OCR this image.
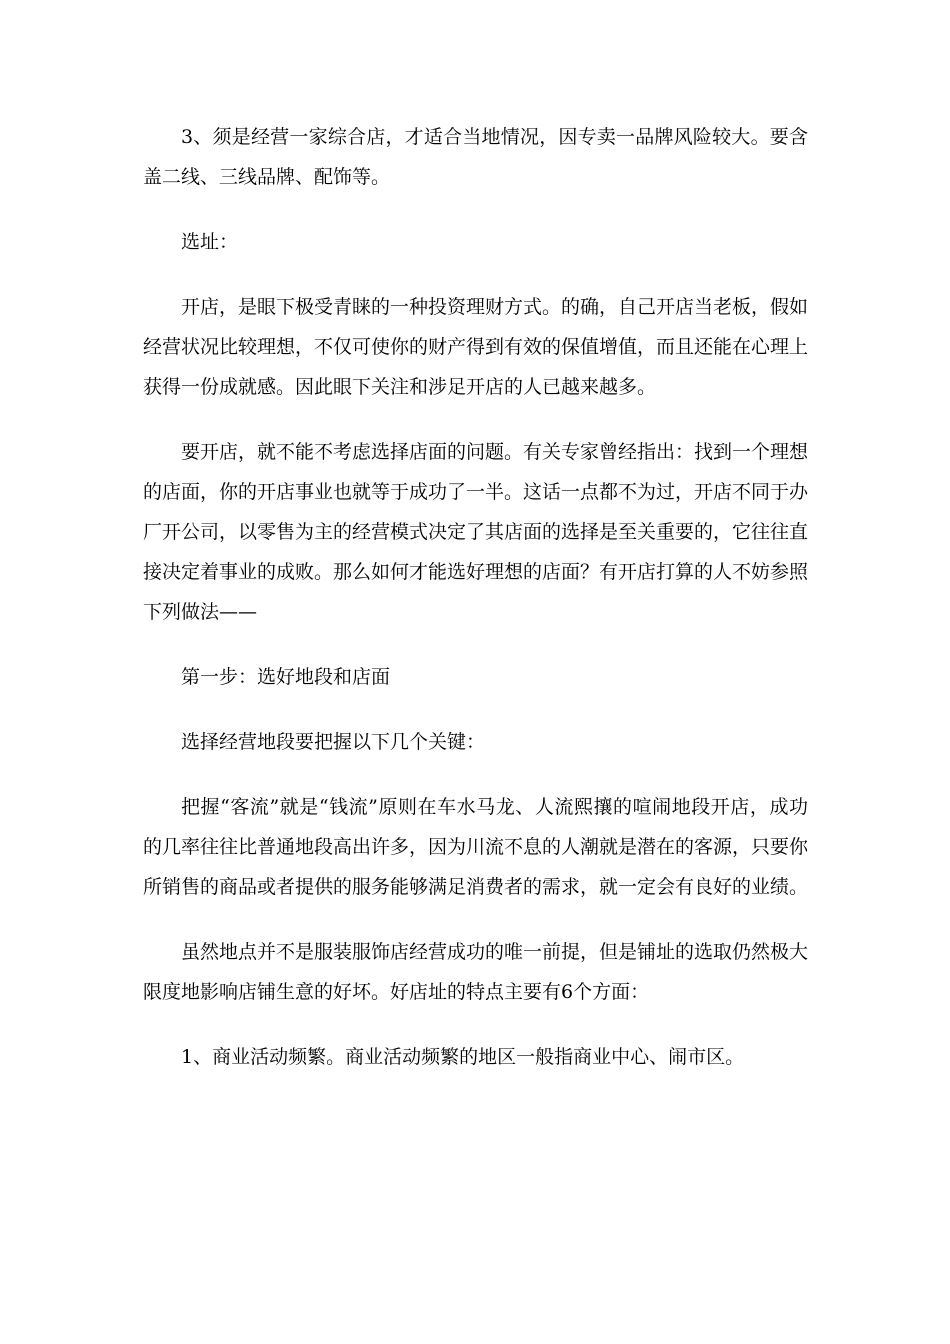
3、须是经营一家综合店，才适合当地情况，因专卖一品牌风险较大。要含盖二线、三线品牌、配饰等。

选址：

开店，是眼下极受青睐的一种投资理财方式。的确，自己开店当老板，假如经营状况比较理想，不仅可使你的财产得到有效的保值增值，而且还能在心理上获得一份成就感。因此眼下关注和涉足开店的人已越来越多。

要开店，就不能不考虑选择店面的问题。有关专家曾经指出：找到一个理想的店面，你的开店事业也就等于成功了一半。这话一点都不为过，开店不同于办厂开公司，以零售为主的经营模式决定了其店面的选择是至关重要的，它往往直接决定着事业的成败。那么如何才能选好理想的店面？有开店打算的人不妨参照下列做法——

第一步：选好地段和店面

选择经营地段要把握以下几个关键：

把握“客流”就是“钱流”原则在车水马龙、人流熙攘的喧闹地段开店，成功的几率往往比普通地段高出许多，因为川流不息的人潮就是潜在的客源，只要你所销售的商品或者提供的服务能够满足消费者的需求，就一定会有良好的业绩。

虽然地点并不是服装服饰店经营成功的唯一前提，但是铺址的选取仍然极大限度地影响店铺生意的好坏。好店址的特点主要有6个方面：

1、商业活动频繁。商业活动频繁的地区一般指商业中心、闹市区。
